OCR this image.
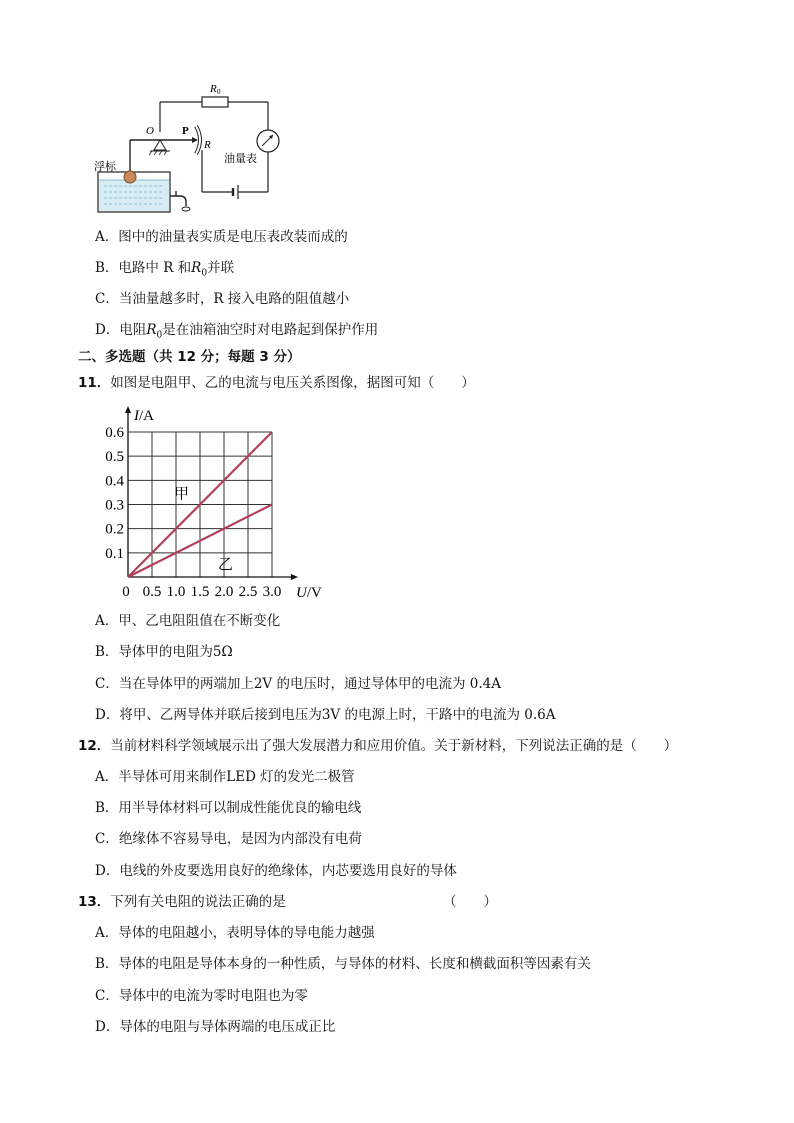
R 0
油量表
R
P
O
浮标
A．图中的油量表实质是电压表改装而成的
B．电路中 R 和$R_0$并联
C．当油量越多时，R 接入电路的阻值越小
D．电阻$R_0$是在油箱油空时对电路起到保护作用
二、多选题（共 12 分；每题 3 分）
11．如图是电阻甲、乙的电流与电压关系图像，据图可知（　　）
0 0.5 1.0 1.5 2.0 2.5 3.0
0.1
0.2
0.3
0.4
0.5
0.6
I/A
U/V
甲
乙
A．甲、乙电阻阻值在不断变化
B．导体甲的电阻为5Ω
C．当在导体甲的两端加上2V 的电压时，通过导体甲的电流为 0.4A
D．将甲、乙两导体并联后接到电压为3V 的电源上时，干路中的电流为 0.6A
12．当前材料科学领域展示出了强大发展潜力和应用价值。关于新材料，下列说法正确的是（　　）
A．半导体可用来制作LED 灯的发光二极管
B．用半导体材料可以制成性能优良的输电线
C．绝缘体不容易导电，是因为内部没有电荷
D．电线的外皮要选用良好的绝缘体，内芯要选用良好的导体
13．下列有关电阻的说法正确的是	（　　）
A．导体的电阻越小，表明导体的导电能力越强
B．导体的电阻是导体本身的一种性质，与导体的材料、长度和横截面积等因素有关
C．导体中的电流为零时电阻也为零
D．导体的电阻与导体两端的电压成正比
